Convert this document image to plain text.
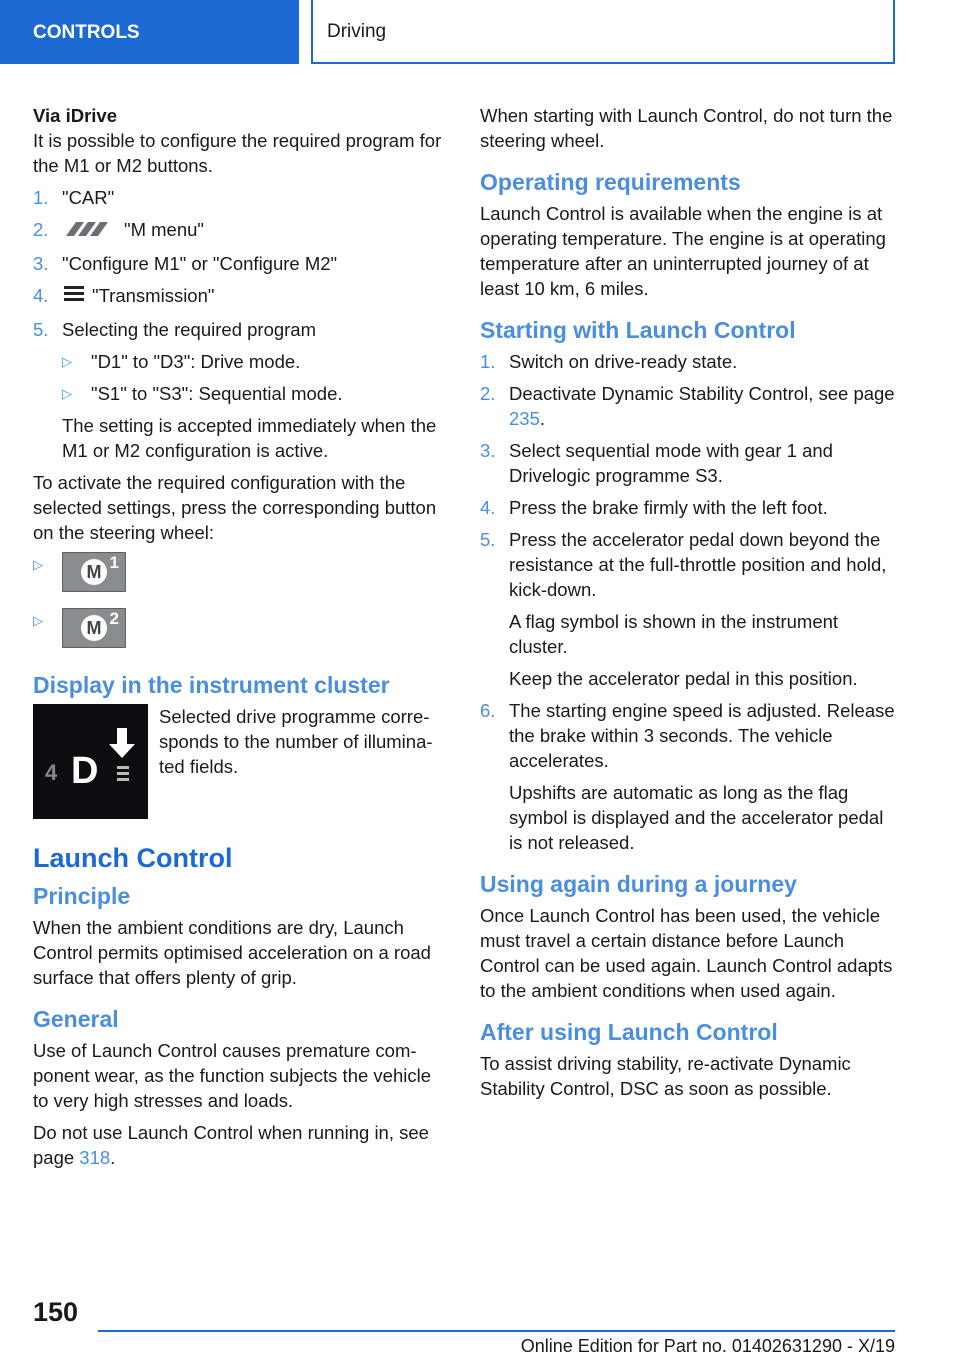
CONTROLS	Driving

Via iDrive

It is possible to configure the required program for the M1 or M2 buttons.

1. "CAR"
2.	"M menu"
3. "Configure M1" or "Configure M2"
4. "Transmission"
5. Selecting the required program
▷ "D1" to "D3": Drive mode.
▷ "S1" to "S3": Sequential mode.

The setting is accepted immediately when the M1 or M2 configuration is active.

To activate the required configuration with the selected settings, press the corresponding button on the steering wheel:

▷	M 1
▷	M 2
Display in the instrument cluster
4 D
Selected drive programme corresponds to the number of illuminated fields.
Launch Control
Principle

When the ambient conditions are dry, Launch Control permits optimised acceleration on a road surface that offers plenty of grip.

General

Use of Launch Control causes premature component wear, as the function subjects the vehicle to very high stresses and loads.

Do not use Launch Control when running in, see page 318.

When starting with Launch Control, do not turn the steering wheel.

Operating requirements

Launch Control is available when the engine is at operating temperature. The engine is at operating temperature after an uninterrupted journey of at least 10 km, 6 miles.

Starting with Launch Control
1. Switch on drive-ready state.
2. Deactivate Dynamic Stability Control, see page 235.
3. Select sequential mode with gear 1 and Drivelogic programme S3.
4. Press the brake firmly with the left foot.
5. Press the accelerator pedal down beyond the resistance at the full-throttle position and hold, kick-down.

A flag symbol is shown in the instrument cluster.

Keep the accelerator pedal in this position.

6. The starting engine speed is adjusted. Release the brake within 3 seconds. The vehicle accelerates.

Upshifts are automatic as long as the flag symbol is displayed and the accelerator pedal is not released.

Using again during a journey

Once Launch Control has been used, the vehicle must travel a certain distance before Launch Control can be used again. Launch Control adapts to the ambient conditions when used again.

After using Launch Control

To assist driving stability, re-activate Dynamic Stability Control, DSC as soon as possible.

150
Online Edition for Part no. 01402631290 - X/19
